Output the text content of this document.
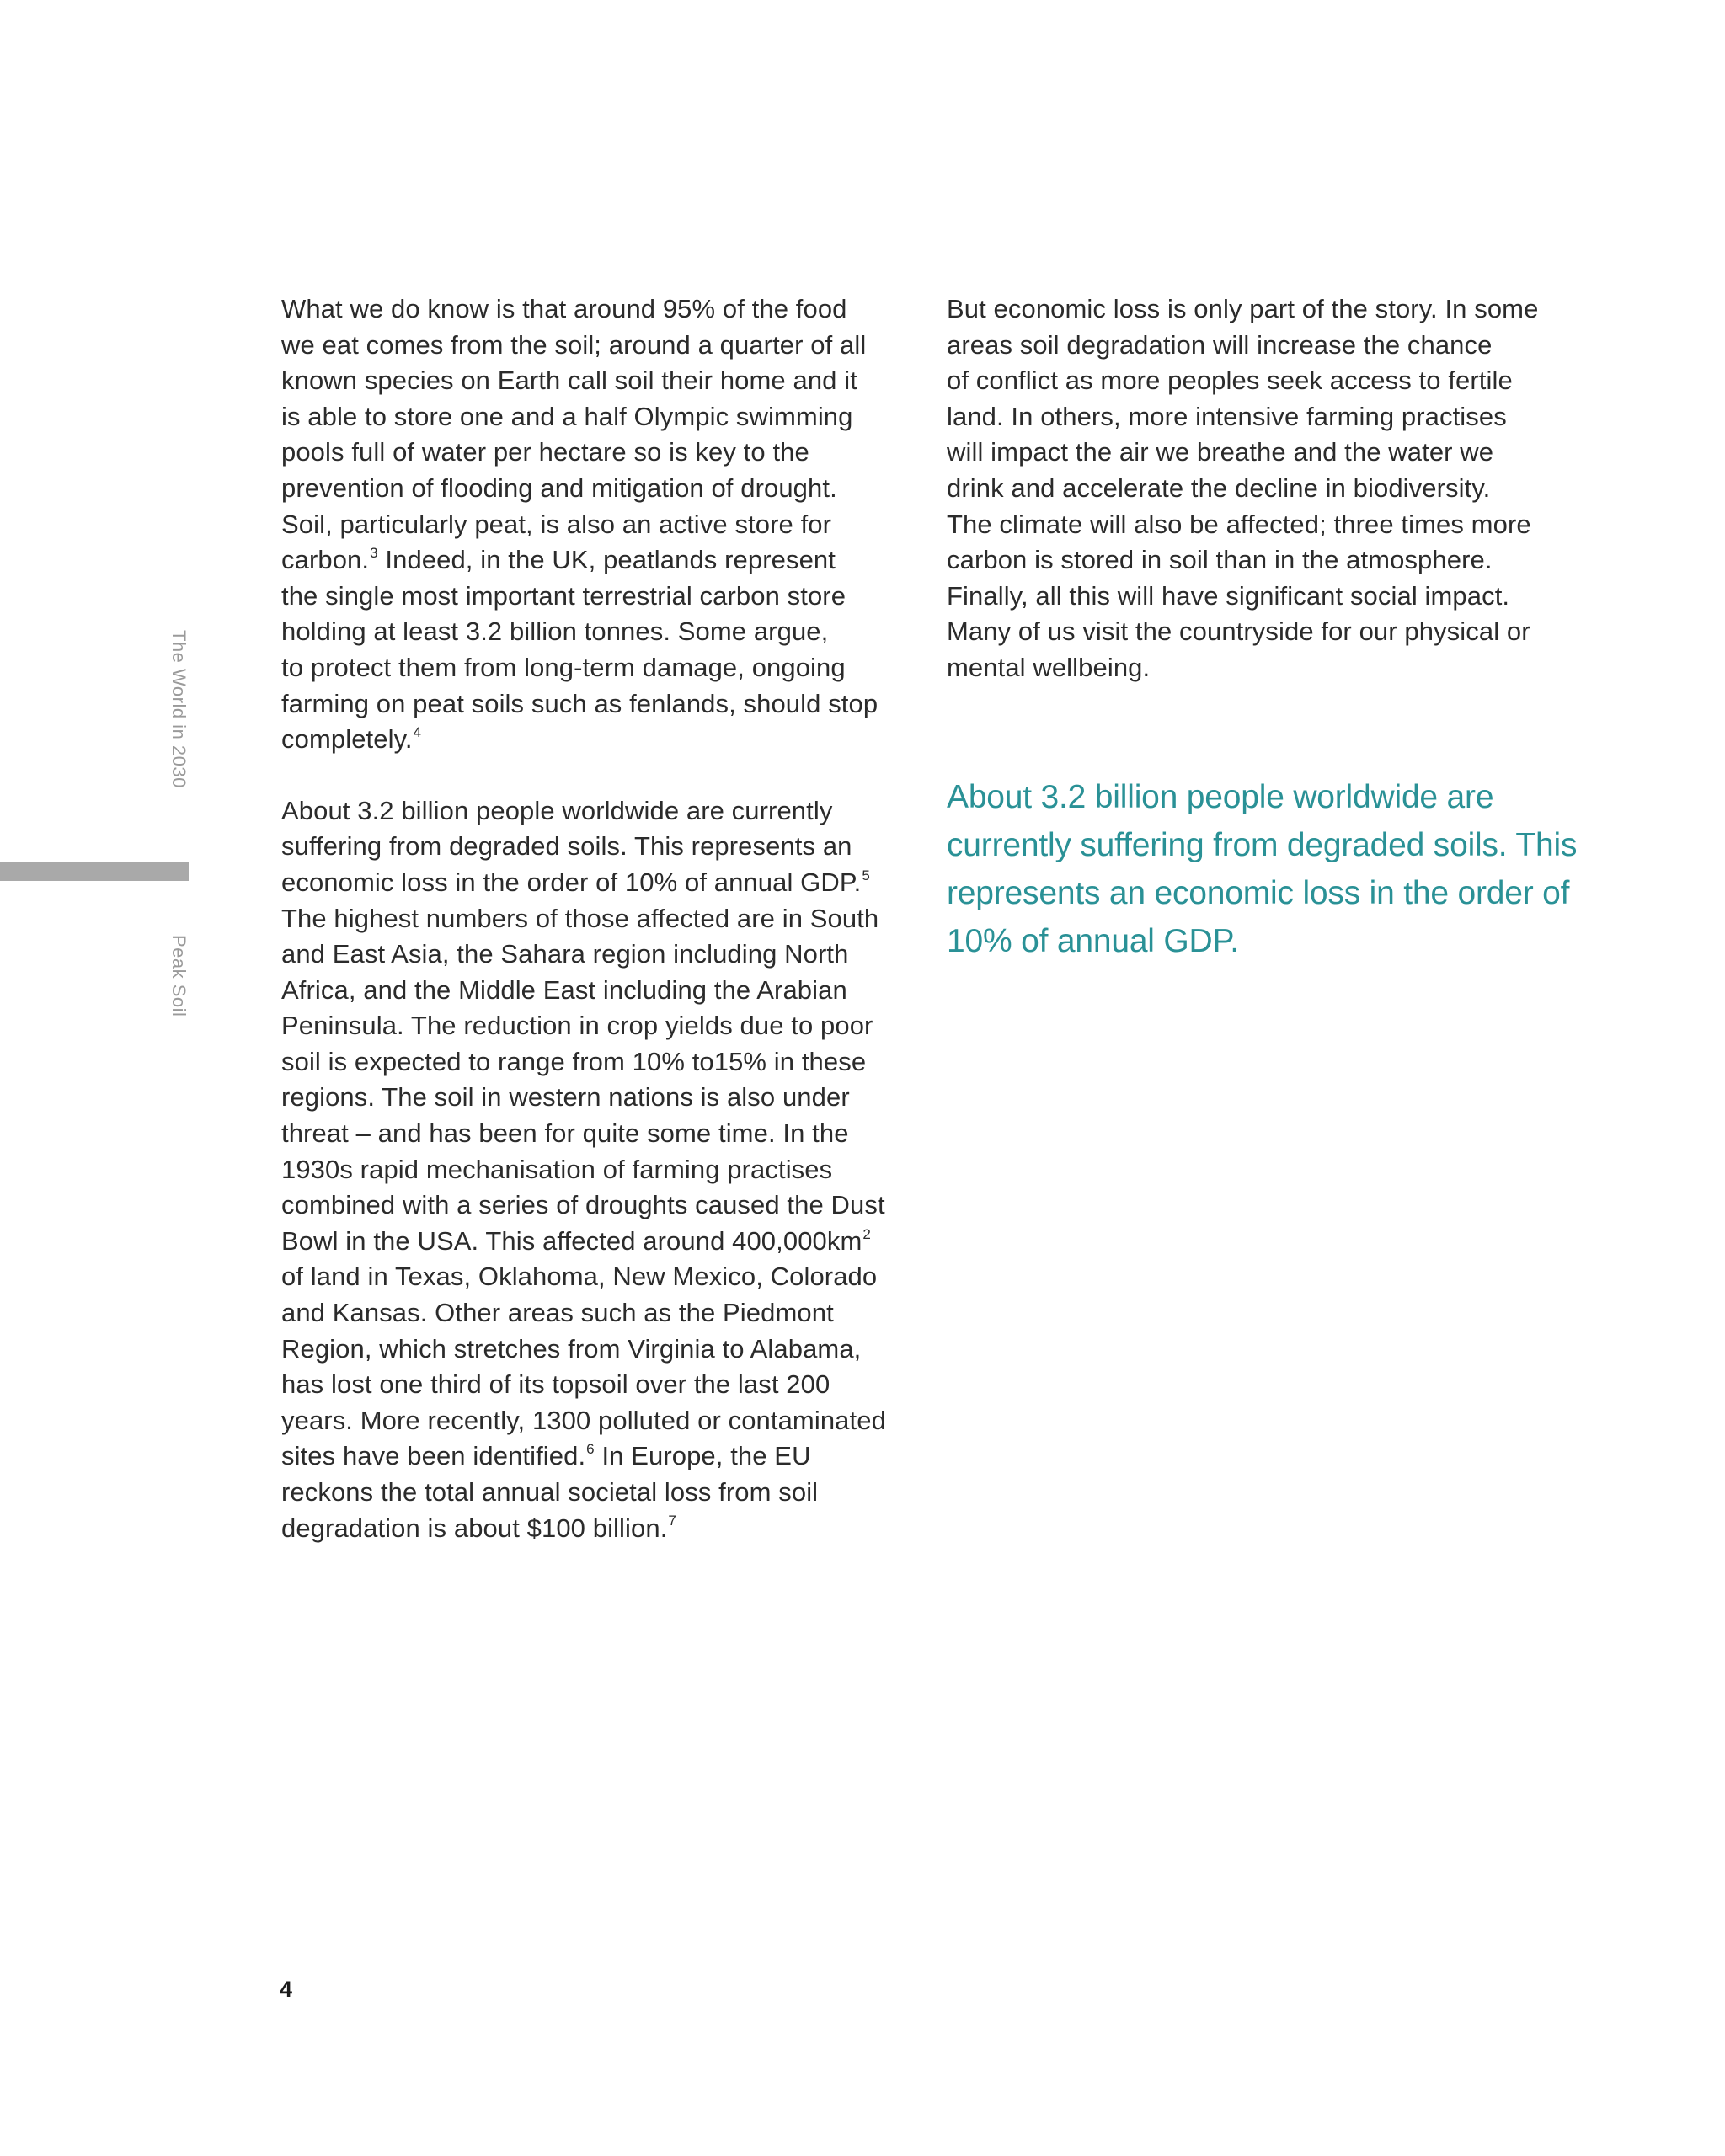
The World in 2030
Peak Soil

What we do know is that around 95% of the food
we eat comes from the soil; around a quarter of all
known species on Earth call soil their home and it
is able to store one and a half Olympic swimming
pools full of water per hectare so is key to the
prevention of flooding and mitigation of drought.
Soil, particularly peat, is also an active store for
carbon.$^3$ Indeed, in the UK, peatlands represent
the single most important terrestrial carbon store
holding at least 3.2 billion tonnes. Some argue,
to protect them from long-term damage, ongoing
farming on peat soils such as fenlands, should stop
completely.$^4$

About 3.2 billion people worldwide are currently
suffering from degraded soils. This represents an
economic loss in the order of 10% of annual GDP.$^5$
The highest numbers of those affected are in South
and East Asia, the Sahara region including North
Africa, and the Middle East including the Arabian
Peninsula. The reduction in crop yields due to poor
soil is expected to range from 10% to15% in these
regions. The soil in western nations is also under
threat – and has been for quite some time. In the
1930s rapid mechanisation of farming practises
combined with a series of droughts caused the Dust
Bowl in the USA. This affected around $400,000km^2$
of land in Texas, Oklahoma, New Mexico, Colorado
and Kansas. Other areas such as the Piedmont
Region, which stretches from Virginia to Alabama,
has lost one third of its topsoil over the last 200
years. More recently, 1300 polluted or contaminated
sites have been identified.$^6$ In Europe, the EU
reckons the total annual societal loss from soil
degradation is about $100 billion.$^7$

But economic loss is only part of the story. In some
areas soil degradation will increase the chance
of conflict as more peoples seek access to fertile
land. In others, more intensive farming practises
will impact the air we breathe and the water we
drink and accelerate the decline in biodiversity.
The climate will also be affected; three times more
carbon is stored in soil than in the atmosphere.
Finally, all this will have significant social impact.
Many of us visit the countryside for our physical or
mental wellbeing.

About 3.2 billion people worldwide are
currently suffering from degraded soils. This
represents an economic loss in the order of
10% of annual GDP.
4
